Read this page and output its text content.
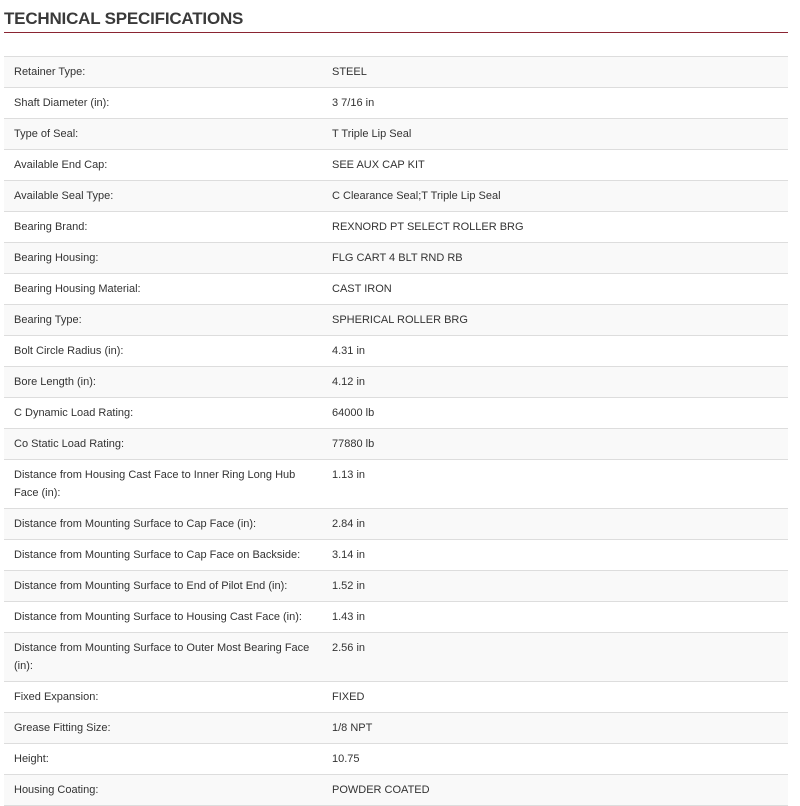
TECHNICAL SPECIFICATIONS
Retainer Type:	STEEL
Shaft Diameter (in):	3 7/16 in
Type of Seal:	T Triple Lip Seal
Available End Cap:	SEE AUX CAP KIT
Available Seal Type:	C Clearance Seal;T Triple Lip Seal
Bearing Brand:	REXNORD PT SELECT ROLLER BRG
Bearing Housing:	FLG CART 4 BLT RND RB
Bearing Housing Material:	CAST IRON
Bearing Type:	SPHERICAL ROLLER BRG
Bolt Circle Radius (in):	4.31 in
Bore Length (in):	4.12 in
C Dynamic Load Rating:	64000 lb
Co Static Load Rating:	77880 lb
Distance from Housing Cast Face to Inner Ring Long Hub Face (in):	1.13 in
Distance from Mounting Surface to Cap Face (in):	2.84 in
Distance from Mounting Surface to Cap Face on Backside:	3.14 in
Distance from Mounting Surface to End of Pilot End (in):	1.52 in
Distance from Mounting Surface to Housing Cast Face (in):	1.43 in
Distance from Mounting Surface to Outer Most Bearing Face (in):	2.56 in
Fixed Expansion:	FIXED
Grease Fitting Size:	1/8 NPT
Height:	10.75
Housing Coating:	POWDER COATED
